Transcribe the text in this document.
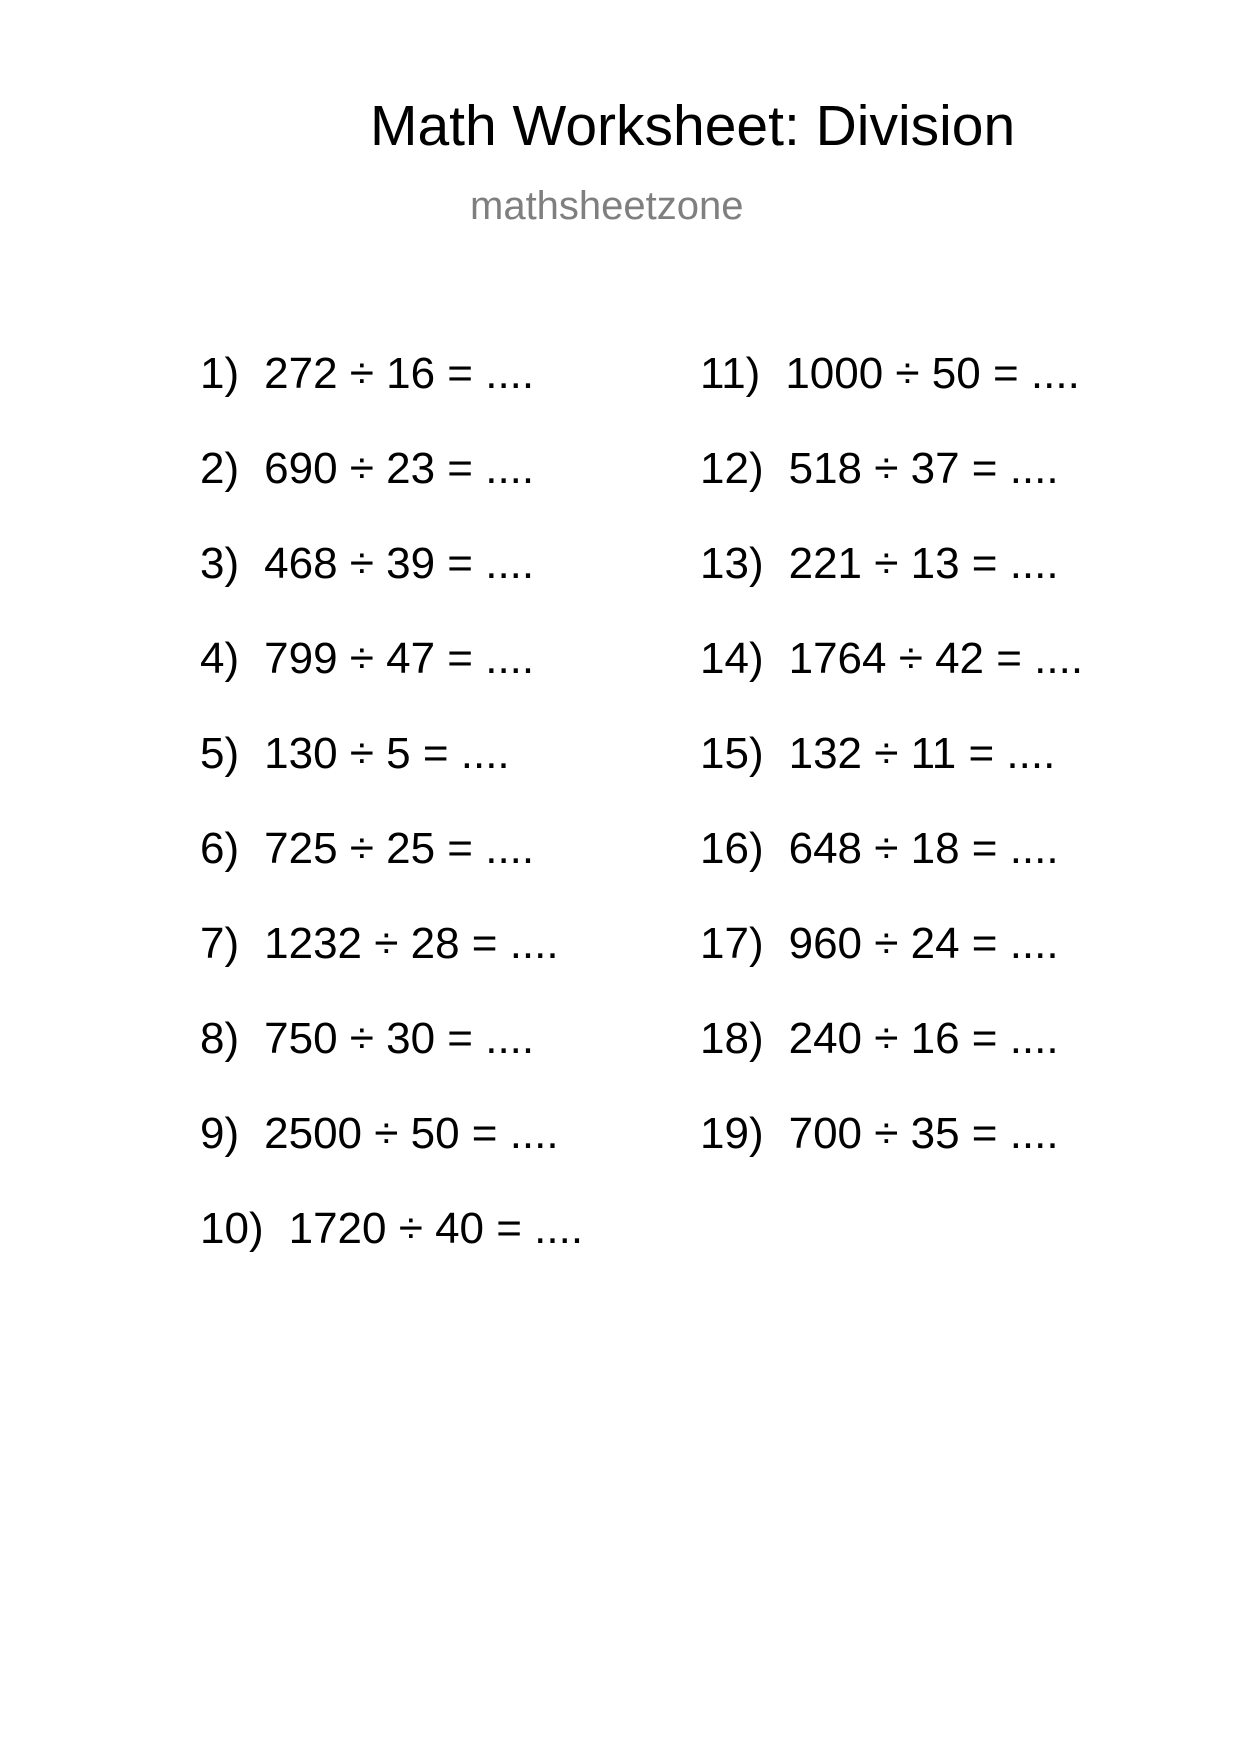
Math Worksheet: Division
mathsheetzone
1) 272 ÷ 16 = ....
2) 690 ÷ 23 = ....
3) 468 ÷ 39 = ....
4) 799 ÷ 47 = ....
5) 130 ÷ 5 = ....
6) 725 ÷ 25 = ....
7) 1232 ÷ 28 = ....
8) 750 ÷ 30 = ....
9) 2500 ÷ 50 = ....
10) 1720 ÷ 40 = ....
11) 1000 ÷ 50 = ....
12) 518 ÷ 37 = ....
13) 221 ÷ 13 = ....
14) 1764 ÷ 42 = ....
15) 132 ÷ 11 = ....
16) 648 ÷ 18 = ....
17) 960 ÷ 24 = ....
18) 240 ÷ 16 = ....
19) 700 ÷ 35 = ....
